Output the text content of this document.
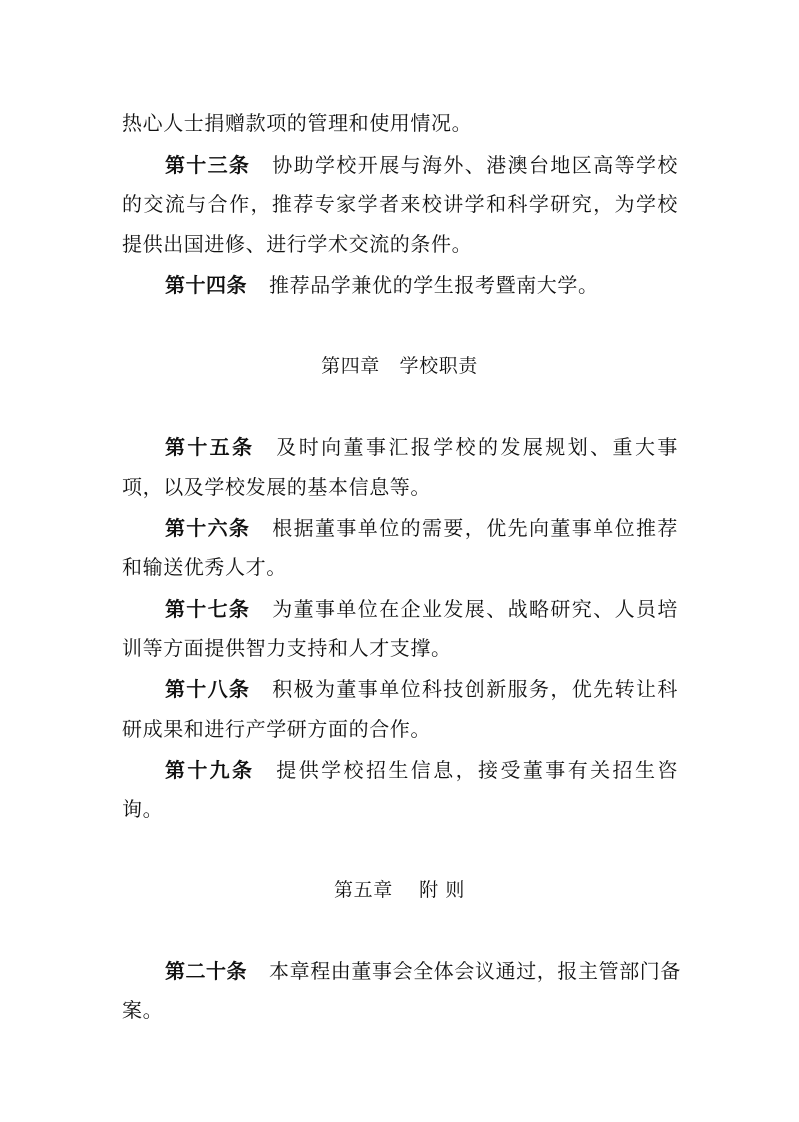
热心人士捐赠款项的管理和使用情况。
第十三条 协助学校开展与海外、港澳台地区高等学校
的交流与合作，推荐专家学者来校讲学和科学研究，为学校
提供出国进修、进行学术交流的条件。
第十四条 推荐品学兼优的学生报考暨南大学。
第四章　学校职责
第十五条 及时向董事汇报学校的发展规划、重大事
项，以及学校发展的基本信息等。
第十六条 根据董事单位的需要，优先向董事单位推荐
和输送优秀人才。
第十七条 为董事单位在企业发展、战略研究、人员培
训等方面提供智力支持和人才支撑。
第十八条 积极为董事单位科技创新服务，优先转让科
研成果和进行产学研方面的合作。
第十九条 提供学校招生信息，接受董事有关招生咨
询。
第五章　 附 则
第二十条 本章程由董事会全体会议通过，报主管部门备
案。
